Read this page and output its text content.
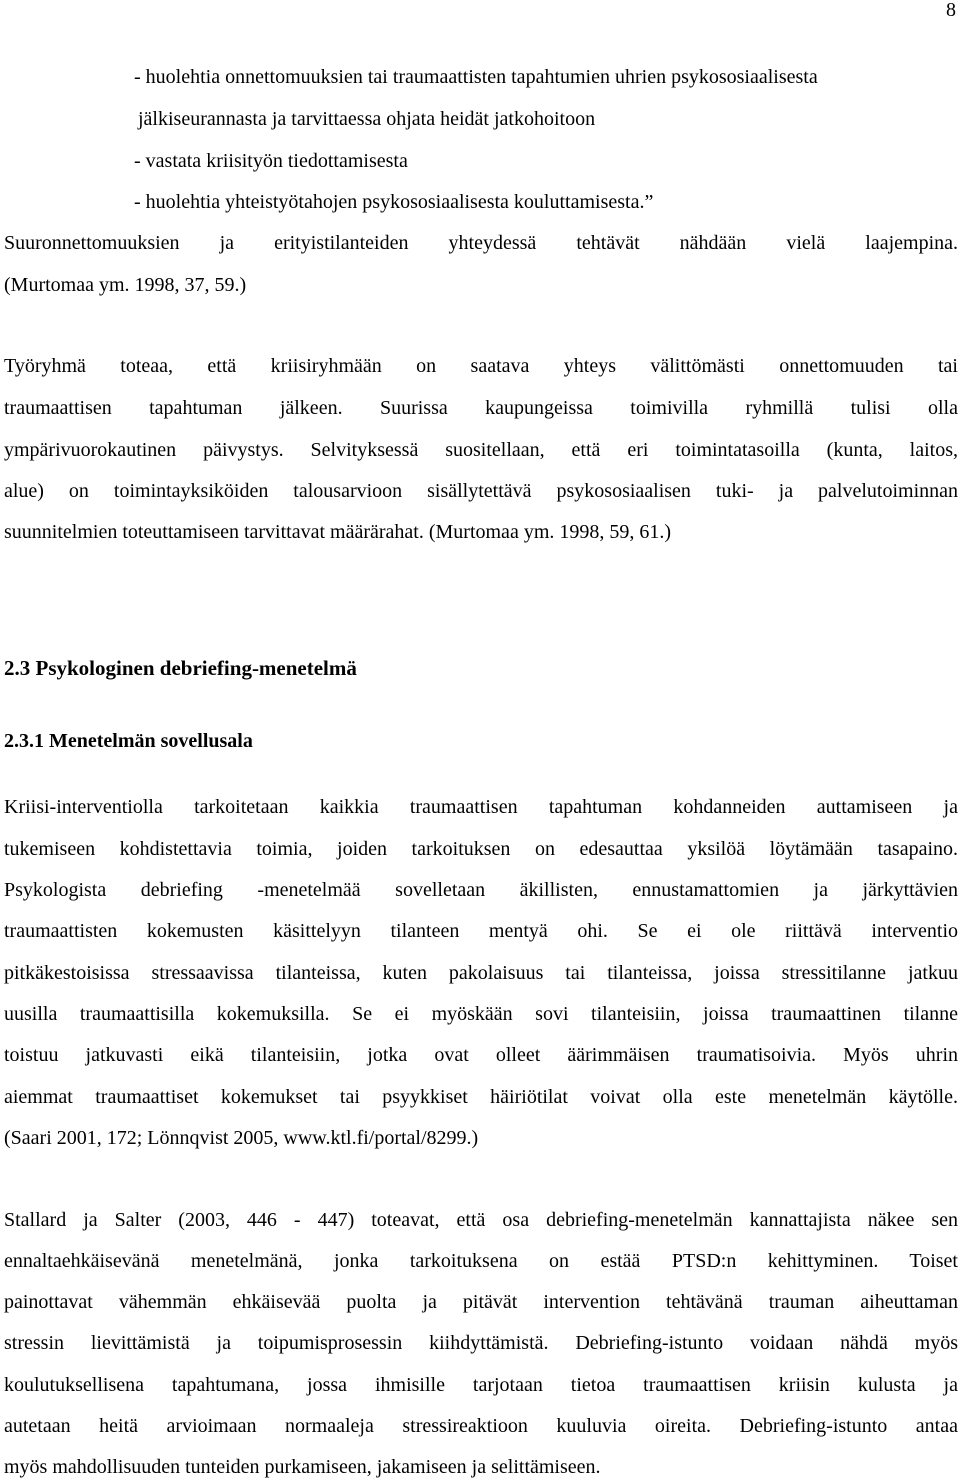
8
- huolehtia onnettomuuksien tai traumaattisten tapahtumien uhrien psykososiaalisesta
jälkiseurannasta ja tarvittaessa ohjata heidät jatkohoitoon
- vastata kriisityön tiedottamisesta
- huolehtia yhteistyötahojen psykososiaalisesta kouluttamisesta.”
Suuronnettomuuksien ja erityistilanteiden yhteydessä tehtävät nähdään vielä laajempina.
(Murtomaa ym. 1998, 37, 59.)
Työryhmä toteaa, että kriisiryhmään on saatava yhteys välittömästi onnettomuuden tai
traumaattisen tapahtuman jälkeen. Suurissa kaupungeissa toimivilla ryhmillä tulisi olla
ympärivuorokautinen päivystys. Selvityksessä suositellaan, että eri toimintatasoilla (kunta, laitos,
alue) on toimintayksiköiden talousarvioon sisällytettävä psykososiaalisen tuki- ja palvelutoiminnan
suunnitelmien toteuttamiseen tarvittavat määrärahat. (Murtomaa ym. 1998, 59, 61.)
2.3 Psykologinen debriefing-menetelmä
2.3.1 Menetelmän sovellusala
Kriisi-interventiolla tarkoitetaan kaikkia traumaattisen tapahtuman kohdanneiden auttamiseen ja
tukemiseen kohdistettavia toimia, joiden tarkoituksen on edesauttaa yksilöä löytämään tasapaino.
Psykologista debriefing -menetelmää sovelletaan äkillisten, ennustamattomien ja järkyttävien
traumaattisten kokemusten käsittelyyn tilanteen mentyä ohi. Se ei ole riittävä interventio
pitkäkestoisissa stressaavissa tilanteissa, kuten pakolaisuus tai tilanteissa, joissa stressitilanne jatkuu
uusilla traumaattisilla kokemuksilla. Se ei myöskään sovi tilanteisiin, joissa traumaattinen tilanne
toistuu jatkuvasti eikä tilanteisiin, jotka ovat olleet äärimmäisen traumatisoivia. Myös uhrin
aiemmat traumaattiset kokemukset tai psyykkiset häiriötilat voivat olla este menetelmän käytölle.
(Saari 2001, 172; Lönnqvist 2005, www.ktl.fi/portal/8299.)
Stallard ja Salter (2003, 446 - 447) toteavat, että osa debriefing-menetelmän kannattajista näkee sen
ennaltaehkäisevänä menetelmänä, jonka tarkoituksena on estää PTSD:n kehittyminen. Toiset
painottavat vähemmän ehkäisevää puolta ja pitävät intervention tehtävänä trauman aiheuttaman
stressin lievittämistä ja toipumisprosessin kiihdyttämistä. Debriefing-istunto voidaan nähdä myös
koulutuksellisena tapahtumana, jossa ihmisille tarjotaan tietoa traumaattisen kriisin kulusta ja
autetaan heitä arvioimaan normaaleja stressireaktioon kuuluvia oireita. Debriefing-istunto antaa
myös mahdollisuuden tunteiden purkamiseen, jakamiseen ja selittämiseen.
